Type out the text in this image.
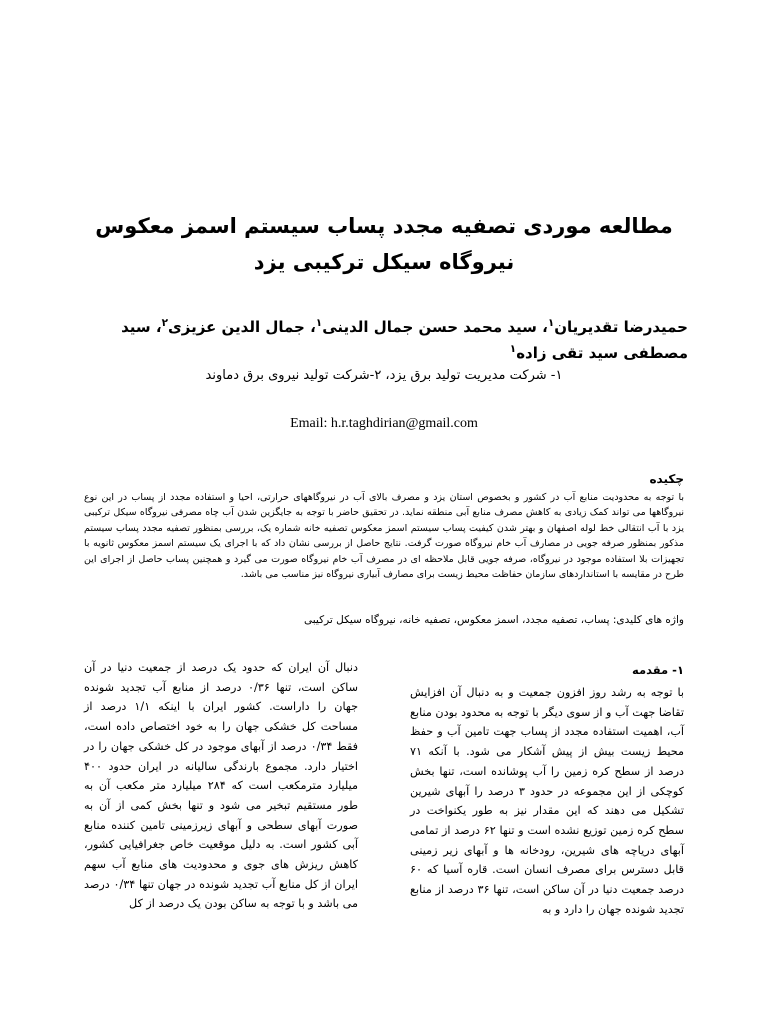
مطالعه موردی تصفیه مجدد پساب سیستم اسمز معکوس نیروگاه سیکل ترکیبی یزد
حمیدرضا تقدیریان$^۱$، سید محمد حسن جمال الدینی$^۱$، جمال الدین عزیزی$^۲$، سید مصطفی سید تقی زاده$^۱$

۱- شرکت مدیریت تولید برق یزد، ۲-شرکت تولید نیروی برق دماوند

Email: h.r.taghdirian@gmail.com

چکیده

با توجه به محدودیت منابع آب در کشور و بخصوص استان یزد و مصرف بالای آب در نیروگاههای حرارتی، احیا و استفاده مجدد از پساب در این نوع نیروگاهها می تواند کمک زیادی به کاهش مصرف منابع آبی منطقه نماید. در تحقیق حاضر با توجه به جایگزین شدن آب چاه مصرفی نیروگاه سیکل ترکیبی یزد با آب انتقالی خط لوله اصفهان و بهتر شدن کیفیت پساب سیستم اسمز معکوس تصفیه خانه شماره یک، بررسی بمنظور تصفیه مجدد پساب سیستم مذکور بمنظور صرفه جویی در مصارف آب خام نیروگاه صورت گرفت. نتایج حاصل از بررسی نشان داد که با اجرای یک سیستم اسمز معکوس ثانویه با تجهیزات بلا استفاده موجود در نیروگاه، صرفه جویی قابل ملاحظه ای در مصرف آب خام نیروگاه صورت می گیرد و همچنین پساب حاصل از اجرای این طرح در مقایسه با استانداردهای سازمان حفاظت محیط زیست برای مصارف آبیاری نیروگاه نیز مناسب می باشد.

واژه های کلیدی: پساب، تصفیه مجدد، اسمز معکوس، تصفیه خانه، نیروگاه سیکل ترکیبی

۱- مقدمه

با توجه به رشد روز افزون جمعیت و به دنبال آن افزایش تقاضا جهت آب و از سوی دیگر با توجه به محدود بودن منابع آب، اهمیت استفاده مجدد از پساب جهت تامین آب و حفظ محیط زیست بیش از پیش آشکار می شود. با آنکه ۷۱ درصد از سطح کره زمین را آب پوشانده است، تنها بخش کوچکی از این مجموعه در حدود ۳ درصد را آبهای شیرین تشکیل می دهند که این مقدار نیز به طور یکنواخت در سطح کره زمین توزیع نشده است و تنها ۶۲ درصد از تمامی آبهای دریاچه های شیرین، رودخانه ها و آبهای زیر زمینی قابل دسترس برای مصرف انسان است. قاره آسیا که ۶۰ درصد جمعیت دنیا در آن ساکن است، تنها ۳۶ درصد از منابع تجدید شونده جهان را دارد و به

دنبال آن ایران که حدود یک درصد از جمعیت دنیا در آن ساکن است، تنها ۰/۳۶ درصد از منابع آب تجدید شونده جهان را داراست. کشور ایران با اینکه ۱/۱ درصد از مساحت کل خشکی جهان را به خود اختصاص داده است، فقط ۰/۳۴ درصد از آبهای موجود در کل خشکی جهان را در اختیار دارد. مجموع بارندگی سالیانه در ایران حدود ۴۰۰ میلیارد مترمکعب است که ۲۸۴ میلیارد متر مکعب آن به طور مستقیم تبخیر می شود و تنها بخش کمی از آن به صورت آبهای سطحی و آبهای زیرزمینی تامین کننده منابع آبی کشور است. به دلیل موقعیت خاص جغرافیایی کشور، کاهش ریزش های جوی و محدودیت های منابع آب سهم ایران از کل منابع آب تجدید شونده در جهان تنها ۰/۳۴ درصد می باشد و با توجه به ساکن بودن یک درصد از کل
